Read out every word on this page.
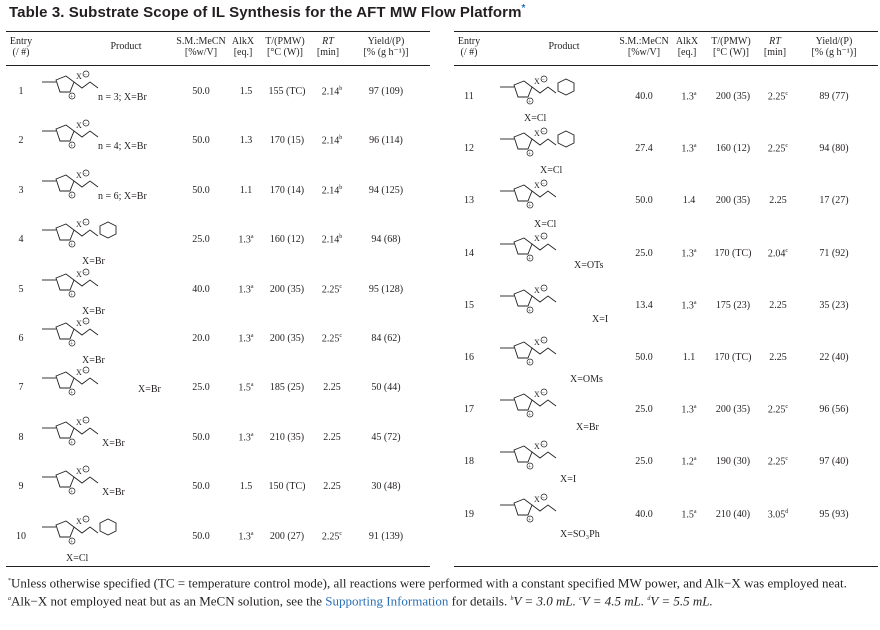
Table 3. Substrate Scope of IL Synthesis for the AFT MW Flow Platform*
Entry
(/ #)
Product	S.M.:MeCN
[%w/V]
AlkX
[eq.]
T/(PMW)
[°C (W)]
RT
[min]
Yield/(P)
[% (g h⁻¹)]
1
+
X −
n = 3; X=Br
50.0	1.5	155 (TC)	2.14$^b$	97 (109)
2
+
X −
n = 4; X=Br
50.0	1.3	170 (15)	2.14$^b$	96 (114)
3
+
X −
n = 6; X=Br
50.0	1.1	170 (14)	2.14$^b$	94 (125)
4
+
X −
X=Br
25.0	1.3$^a$	160 (12)	2.14$^b$	94 (68)
5
+
X −
X=Br
40.0	1.3$^a$	200 (35)	2.25$^c$	95 (128)
6
+
X −
X=Br
20.0	1.3$^a$	200 (35)	2.25$^c$	84 (62)
7
+
X −
X=Br	25.0	1.5$^a$	185 (25)	2.25	50 (44)
8
+
X −
X=Br
50.0	1.3$^a$	210 (35)	2.25	45 (72)
9
+
X −
X=Br
50.0	1.5	150 (TC)	2.25	30 (48)
10
+
X −
X=Cl
50.0	1.3$^a$	200 (27)	2.25$^c$	91 (139)
Entry
(/ #)
Product	S.M.:MeCN
[%w/V]
AlkX
[eq.]
T/(PMW)
[°C (W)]
RT
[min]
Yield/(P)
[% (g h⁻¹)]
11
+
X −
X=Cl
40.0	1.3$^a$	200 (35)	2.25$^c$	89 (77)
12
+
X −
X=Cl
27.4	1.3$^a$	160 (12)	2.25$^c$	94 (80)
13
+
X −
X=Cl
50.0	1.4	200 (35)	2.25	17 (27)
14
+
X −
X=OTs
25.0	1.3$^a$	170 (TC)	2.04$^c$	71 (92)
15
+
X −
X=I
13.4	1.3$^a$	175 (23)	2.25	35 (23)
16
+
X −
X=OMs
50.0	1.1	170 (TC)	2.25	22 (40)
17
+
X −
X=Br
25.0	1.3$^a$	200 (35)	2.25$^c$	96 (56)
18
+
X −
X=I
25.0	1.2$^a$	190 (30)	2.25$^c$	97 (40)
19
+
X −
X=SO₃Ph
40.0	1.5$^a$	210 (40)	3.05$^d$	95 (93)
*Unless otherwise specified (TC = temperature control mode), all reactions were performed with a constant specified MW power, and Alk−X was employed neat. $^a$Alk−X not employed neat but as an MeCN solution, see the Supporting Information for details. $^b$V = 3.0 mL. $^c$V = 4.5 mL. $^d$V = 5.5 mL.
